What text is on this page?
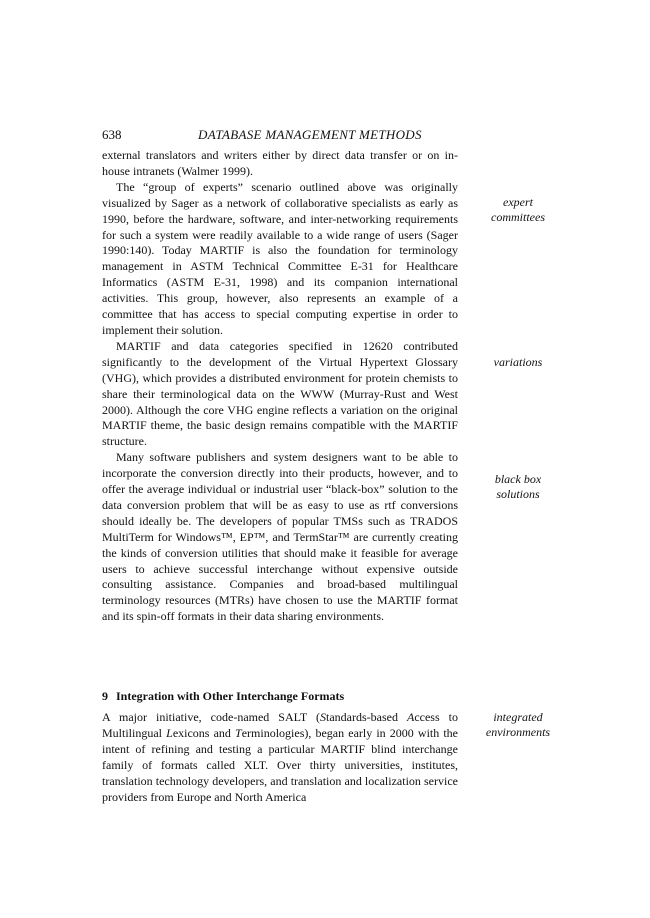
638	DATABASE MANAGEMENT METHODS

external translators and writers either by direct data transfer or on in-house intranets (Walmer 1999).

The “group of experts” scenario outlined above was originally visualized by Sager as a network of collaborative specialists as early as 1990, before the hardware, software, and inter-networking requirements for such a system were readily available to a wide range of users (Sager 1990:140). Today MARTIF is also the foundation for terminology management in ASTM Technical Committee E-31 for Healthcare Informatics (ASTM E-31, 1998) and its companion international activities. This group, however, also represents an example of a committee that has access to special computing expertise in order to implement their solution.

MARTIF and data categories specified in 12620 contributed significantly to the development of the Virtual Hypertext Glossary (VHG), which provides a distributed environment for protein chemists to share their terminological data on the WWW (Murray-Rust and West 2000). Although the core VHG engine reflects a variation on the original MARTIF theme, the basic design remains compatible with the MARTIF structure.

Many software publishers and system designers want to be able to incorporate the conversion directly into their products, however, and to offer the average individual or industrial user “black-box” solution to the data conversion problem that will be as easy to use as rtf conversions should ideally be. The developers of popular TMSs such as TRADOS MultiTerm for Windows™, EP™, and TermStar™ are currently creating the kinds of conversion utilities that should make it feasible for average users to achieve successful interchange without expensive outside consulting assistance. Companies and broad-based multilingual terminology resources (MTRs) have chosen to use the MARTIF format and its spin-off formats in their data sharing environments.

9 Integration with Other Interchange Formats

A major initiative, code-named SALT (Standards-based Access to Multilingual Lexicons and Terminologies), began early in 2000 with the intent of refining and testing a particular MARTIF blind interchange family of formats called XLT. Over thirty universities, institutes, translation technology developers, and translation and localization service providers from Europe and North America

expert
committees
variations
black box
solutions
integrated
environments
